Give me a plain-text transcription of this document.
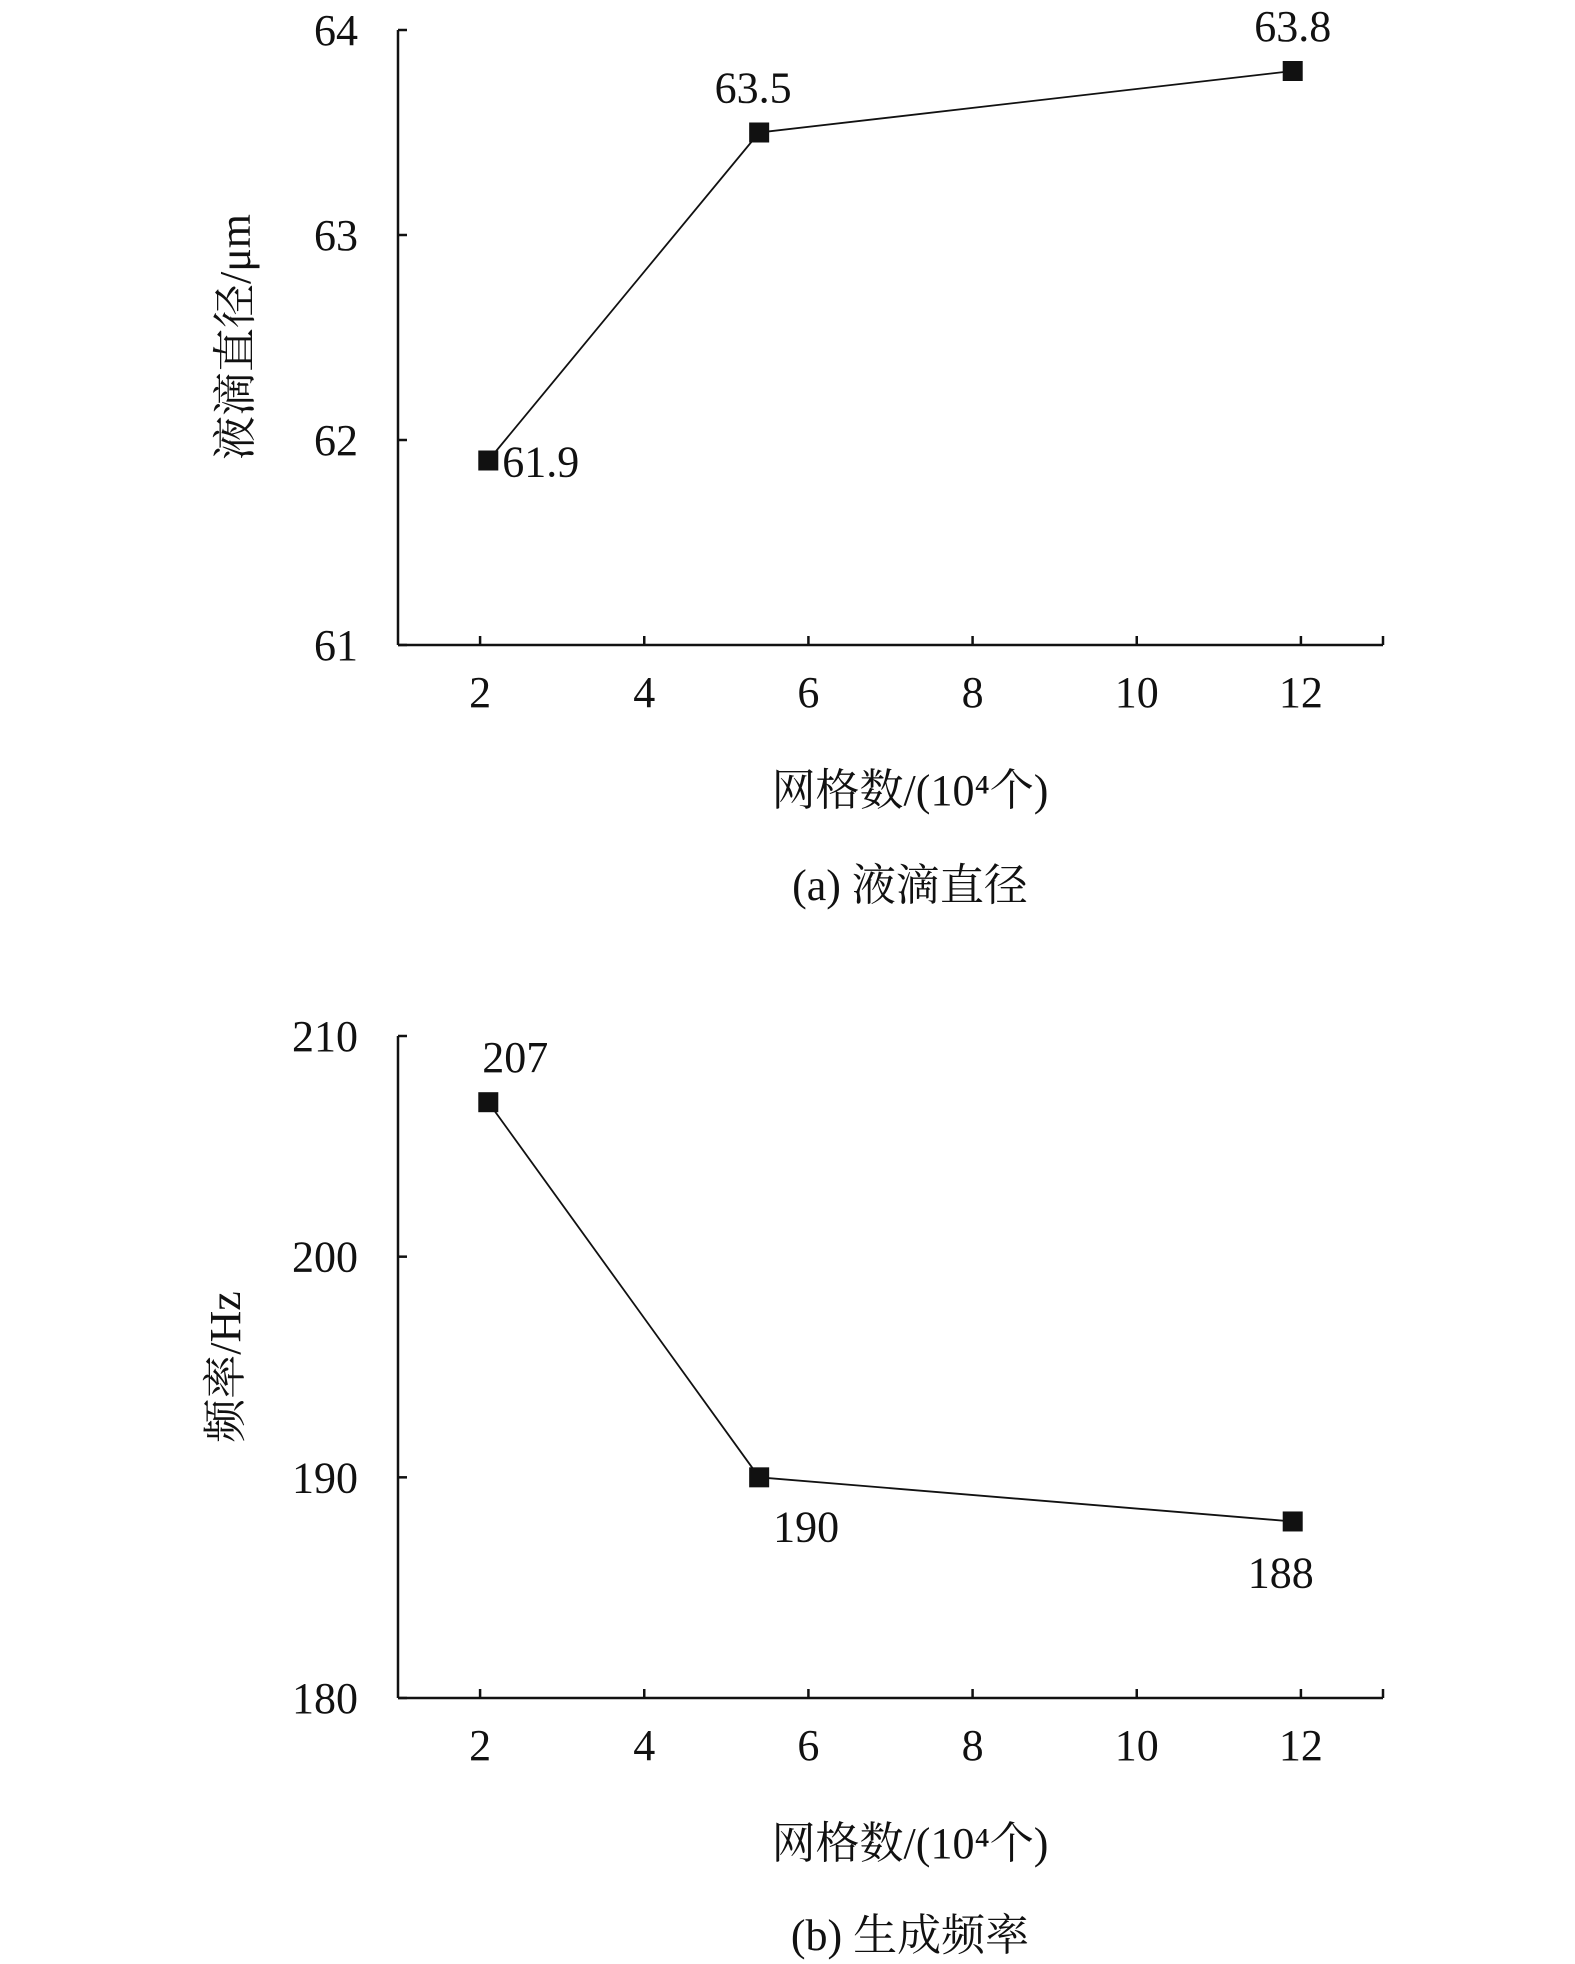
2	4	6	8	10	12
61
62
63
64
61.9
63.5
63.8
液滴直径/μm
网格数/(10⁴个)
(a) 液滴直径
2	4	6	8	10	12
180
190
200
210	207
190
188
频率/Hz
网格数/(10⁴个)
(b) 生成频率
